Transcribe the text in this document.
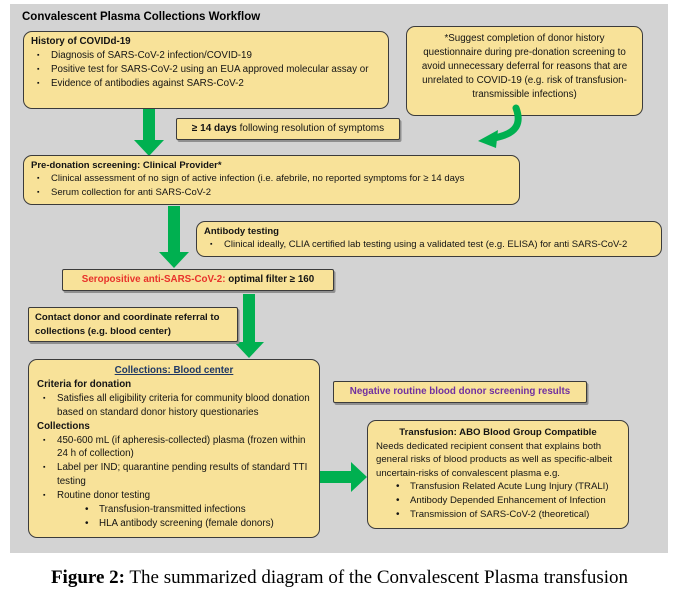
Convalescent Plasma Collections Workflow
History of COVIDd-19
▪	Diagnosis of SARS-CoV-2 infection/COVID-19
▪	Positive test for SARS-CoV-2 using an EUA approved molecular assay or
▪	Evidence of antibodies against SARS-CoV-2
*Suggest completion of donor history questionnaire during pre-donation screening to avoid unnecessary deferral for reasons that are unrelated to COVID-19 (e.g. risk of transfusion-transmissible infections)
≥ 14 days following resolution of symptoms
Pre-donation screening: Clinical Provider*
▪	Clinical assessment of no sign of active infection (i.e. afebrile, no reported symptoms for ≥ 14 days
▪	Serum collection for anti SARS-CoV-2
Antibody testing
▪	Clinical ideally, CLIA certified lab testing using a validated test (e.g. ELISA) for anti SARS-CoV-2
Seropositive anti-SARS-CoV-2: optimal filter ≥ 160
Contact donor and coordinate referral to collections (e.g. blood center)
Collections: Blood center
Criteria for donation
▪	Satisfies all eligibility criteria for community blood donation based on standard donor history questionaries
Collections
▪	450-600 mL (if apheresis-collected) plasma (frozen within 24 h of collection)
▪	Label per IND; quarantine pending results of standard TTI testing
▪	Routine donor testing
•	Transfusion-transmitted infections
•	HLA antibody screening (female donors)
Negative routine blood donor screening results
Transfusion: ABO Blood Group Compatible
Needs dedicated recipient consent that explains both general risks of blood products as well as specific-albeit uncertain-risks of convalescent plasma e.g.
•	Transfusion Related Acute Lung Injury (TRALI)
•	Antibody Depended Enhancement of Infection
•	Transmission of SARS-CoV-2 (theoretical)
Figure 2: The summarized diagram of the Convalescent Plasma transfusion
